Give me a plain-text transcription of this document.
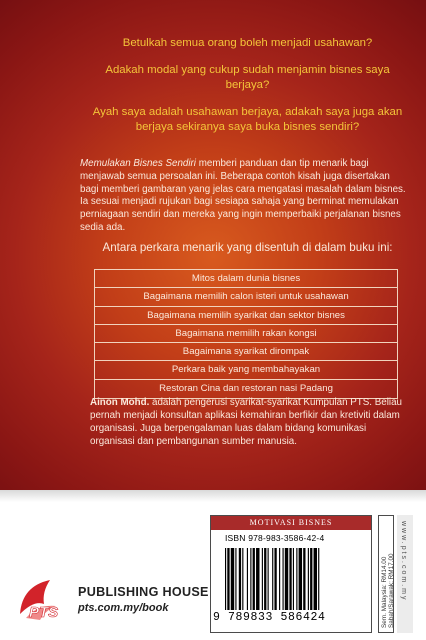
Betulkah semua orang boleh menjadi usahawan?

Adakah modal yang cukup sudah menjamin bisnes saya berjaya?

Ayah saya adalah usahawan berjaya, adakah saya juga akan berjaya sekiranya saya buka bisnes sendiri?

Memulakan Bisnes Sendiri memberi panduan dan tip menarik bagi menjawab semua persoalan ini. Beberapa contoh kisah juga disertakan bagi memberi gambaran yang jelas cara mengatasi masalah dalam bisnes.

Ia sesuai menjadi rujukan bagi sesiapa sahaja yang berminat memulakan perniagaan sendiri dan mereka yang ingin memperbaiki perjalanan bisnes sedia ada.

Antara perkara menarik yang disentuh di dalam buku ini:
Mitos dalam dunia bisnes
Bagaimana memilih calon isteri untuk usahawan
Bagaimana memilih syarikat dan sektor bisnes
Bagaimana memilih rakan kongsi
Bagaimana syarikat dirompak
Perkara baik yang membahayakan
Restoran Cina dan restoran nasi Padang

Ainon Mohd. adalah pengerusi syarikat-syarikat Kumpulan PTS. Beliau pernah menjadi konsultan aplikasi kemahiran berfikir dan kretiviti dalam organisasi. Juga berpengalaman luas dalam bidang komunikasi organisasi dan pembangunan sumber manusia.

MOTIVASI BISNES
ISBN 978-983-3586-42-4
9 789833 586424	Sem. Malaysia: RM14.00 Sabah/Sarawak: RM17.00 www.pts.com.my
PTS
PUBLISHING HOUSE
pts.com.my/book
